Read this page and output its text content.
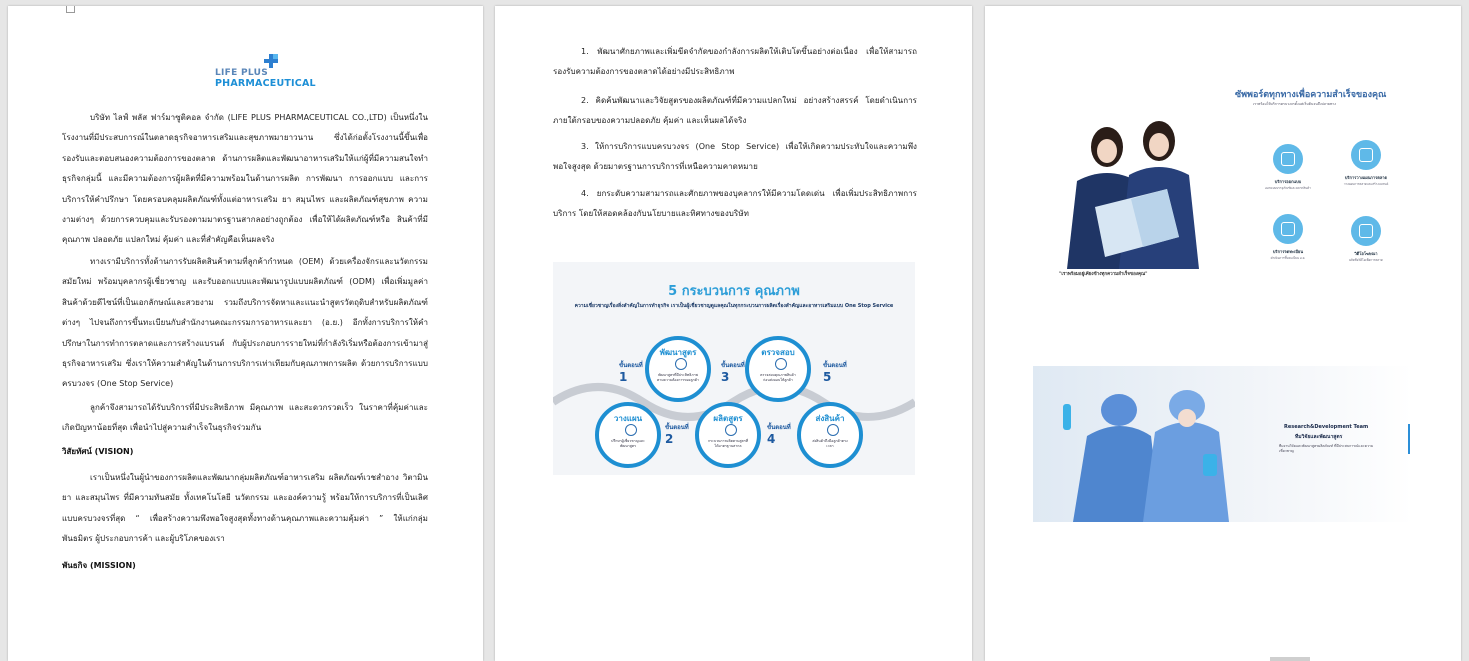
LIFE PLUS
PHARMACEUTICAL
บริษัท ไลฟ์ พลัส ฟาร์มาซูติคอล จำกัด (LIFE PLUS PHARMACEUTICAL CO.,LTD) เป็นหนึ่งในโรงงานที่มีประสบการณ์ในตลาดธุรกิจอาหารเสริมและสุขภาพมายาวนาน ซึ่งได้ก่อตั้งโรงงานนี้ขึ้นเพื่อรองรับและตอบสนองความต้องการของตลาด ด้านการผลิตและพัฒนาอาหารเสริมให้แก่ผู้ที่มีความสนใจทำธุรกิจกลุ่มนี้ และมีความต้องการผู้ผลิตที่มีความพร้อมในด้านการผลิต การพัฒนา การออกแบบ และการบริการให้คำปรึกษา โดยครอบคลุมผลิตภัณฑ์ทั้งแต่อาหารเสริม ยา สมุนไพร และผลิตภัณฑ์สุขภาพ ความงามต่างๆ ด้วยการควบคุมและรับรองตามมาตรฐานสากลอย่างถูกต้อง เพื่อให้ได้ผลิตภัณฑ์หรือ สินค้าที่มีคุณภาพ ปลอดภัย แปลกใหม่ คุ้มค่า และที่สำคัญคือเห็นผลจริง
ทางเรามีบริการทั้งด้านการรับผลิตสินค้าตามที่ลูกค้ากำหนด (OEM) ด้วยเครื่องจักรและนวัตกรรมสมัยใหม่ พร้อมบุคลากรผู้เชี่ยวชาญ และรับออกแบบและพัฒนารูปแบบผลิตภัณฑ์ (ODM) เพื่อเพิ่มมูลค่าสินค้าด้วยดีไซน์ที่เป็นเอกลักษณ์และสวยงาม รวมถึงบริการจัดหาและแนะนำสูตรวัตถุดิบสำหรับผลิตภัณฑ์ต่างๆ ไปจนถึงการขึ้นทะเบียนกับสำนักงานคณะกรรมการอาหารและยา (อ.ย.) อีกทั้งการบริการให้คำปรึกษาในการทำการตลาดและการสร้างแบรนด์ กับผู้ประกอบการรายใหม่ที่กำลังริเริ่มหรือต้องการเข้ามาสู่ธุรกิจอาหารเสริม ซึ่งเราให้ความสำคัญในด้านการบริการเท่าเทียมกับคุณภาพการผลิต ด้วยการบริการแบบครบวงจร (One Stop Service)
ลูกค้าจึงสามารถได้รับบริการที่มีประสิทธิภาพ มีคุณภาพ และสะดวกรวดเร็ว ในราคาที่คุ้มค่าและเกิดปัญหาน้อยที่สุด เพื่อนำไปสู่ความสำเร็จในธุรกิจร่วมกัน
วิสัยทัศน์ (VISION)
เราเป็นหนึ่งในผู้นำของการผลิตและพัฒนากลุ่มผลิตภัณฑ์อาหารเสริม ผลิตภัณฑ์เวชสำอาง วิตามิน ยา และสมุนไพร ที่มีความทันสมัย ทั้งเทคโนโลยี นวัตกรรม และองค์ความรู้ พร้อมให้การบริการที่เป็นเลิศแบบครบวงจรที่สุด “ เพื่อสร้างความพึงพอใจสูงสุดทั้งทางด้านคุณภาพและความคุ้มค่า ” ให้แก่กลุ่มพันธมิตร ผู้ประกอบการค้า และผู้บริโภคของเรา
พันธกิจ (MISSION)
1. พัฒนาศักยภาพและเพิ่มขีดจำกัดของกำลังการผลิตให้เติบโตขึ้นอย่างต่อเนื่อง เพื่อให้สามารถรองรับความต้องการของตลาดได้อย่างมีประสิทธิภาพ
2. คิดค้นพัฒนาและวิจัยสูตรของผลิตภัณฑ์ที่มีความแปลกใหม่ อย่างสร้างสรรค์ โดยดำเนินการภายใต้กรอบของความปลอดภัย คุ้มค่า และเห็นผลได้จริง
3. ให้การบริการแบบครบวงจร (One Stop Service) เพื่อให้เกิดความประทับใจและความพึงพอใจสูงสุด ด้วยมาตรฐานการบริการที่เหนือความคาดหมาย
4. ยกระดับความสามารถและศักยภาพของบุคลากรให้มีความโดดเด่น เพื่อเพิ่มประสิทธิภาพการบริการ โดยให้สอดคล้องกับนโยบายและทิศทางของบริษัท
5 กระบวนการ คุณภาพ
ความเชี่ยวชาญเรื่องสิ่งสำคัญในการทำธุรกิจ เราเป็นผู้เชี่ยวชาญดูแลคุณในทุกกระบวนการผลิตเรื่องสำคัญและอาหารเสริมแบบ One Stop Service
พัฒนาสูตร
พัฒนาสูตรที่มีประสิทธิภาพตามความต้องการของลูกค้า
ขั้นตอนที่
1
ตรวจสอบ
ตรวจสอบคุณภาพสินค้าก่อนส่งมอบให้ลูกค้า
ขั้นตอนที่
3
ขั้นตอนที่
5
วางแผน
ปรึกษาผู้เชี่ยวชาญและพัฒนาสูตร
ขั้นตอนที่
2
ผลิตสูตร
กระบวนการผลิตตามสูตรที่ได้มาตรฐานสากล
ขั้นตอนที่
4
ส่งสินค้า
ส่งสินค้าถึงมือลูกค้าตรงเวลา
ซัพพอร์ตทุกทางเพื่อความสำเร็จของคุณ
เราพร้อมให้บริการครบวงจรตั้งแต่เริ่มต้นจนถึงปลายทาง
"เราพร้อมอยู่เคียงข้างทุกความสำเร็จของคุณ"
บริการออกแบบ
ออกแบบบรรจุภัณฑ์และฉลากสินค้า
บริการวางแผนการตลาด
วางแผนการตลาดและสร้างแบรนด์
บริการจดทะเบียน
ดำเนินการขึ้นทะเบียน อ.ย.
วิดีโอโฆษณา
ผลิตสื่อวิดีโอเพื่อการตลาด
Research&Development Team
ทีมวิจัยและพัฒนาสูตร
ทีมงานวิจัยและพัฒนาสูตรผลิตภัณฑ์ ที่มีประสบการณ์และความเชี่ยวชาญ
